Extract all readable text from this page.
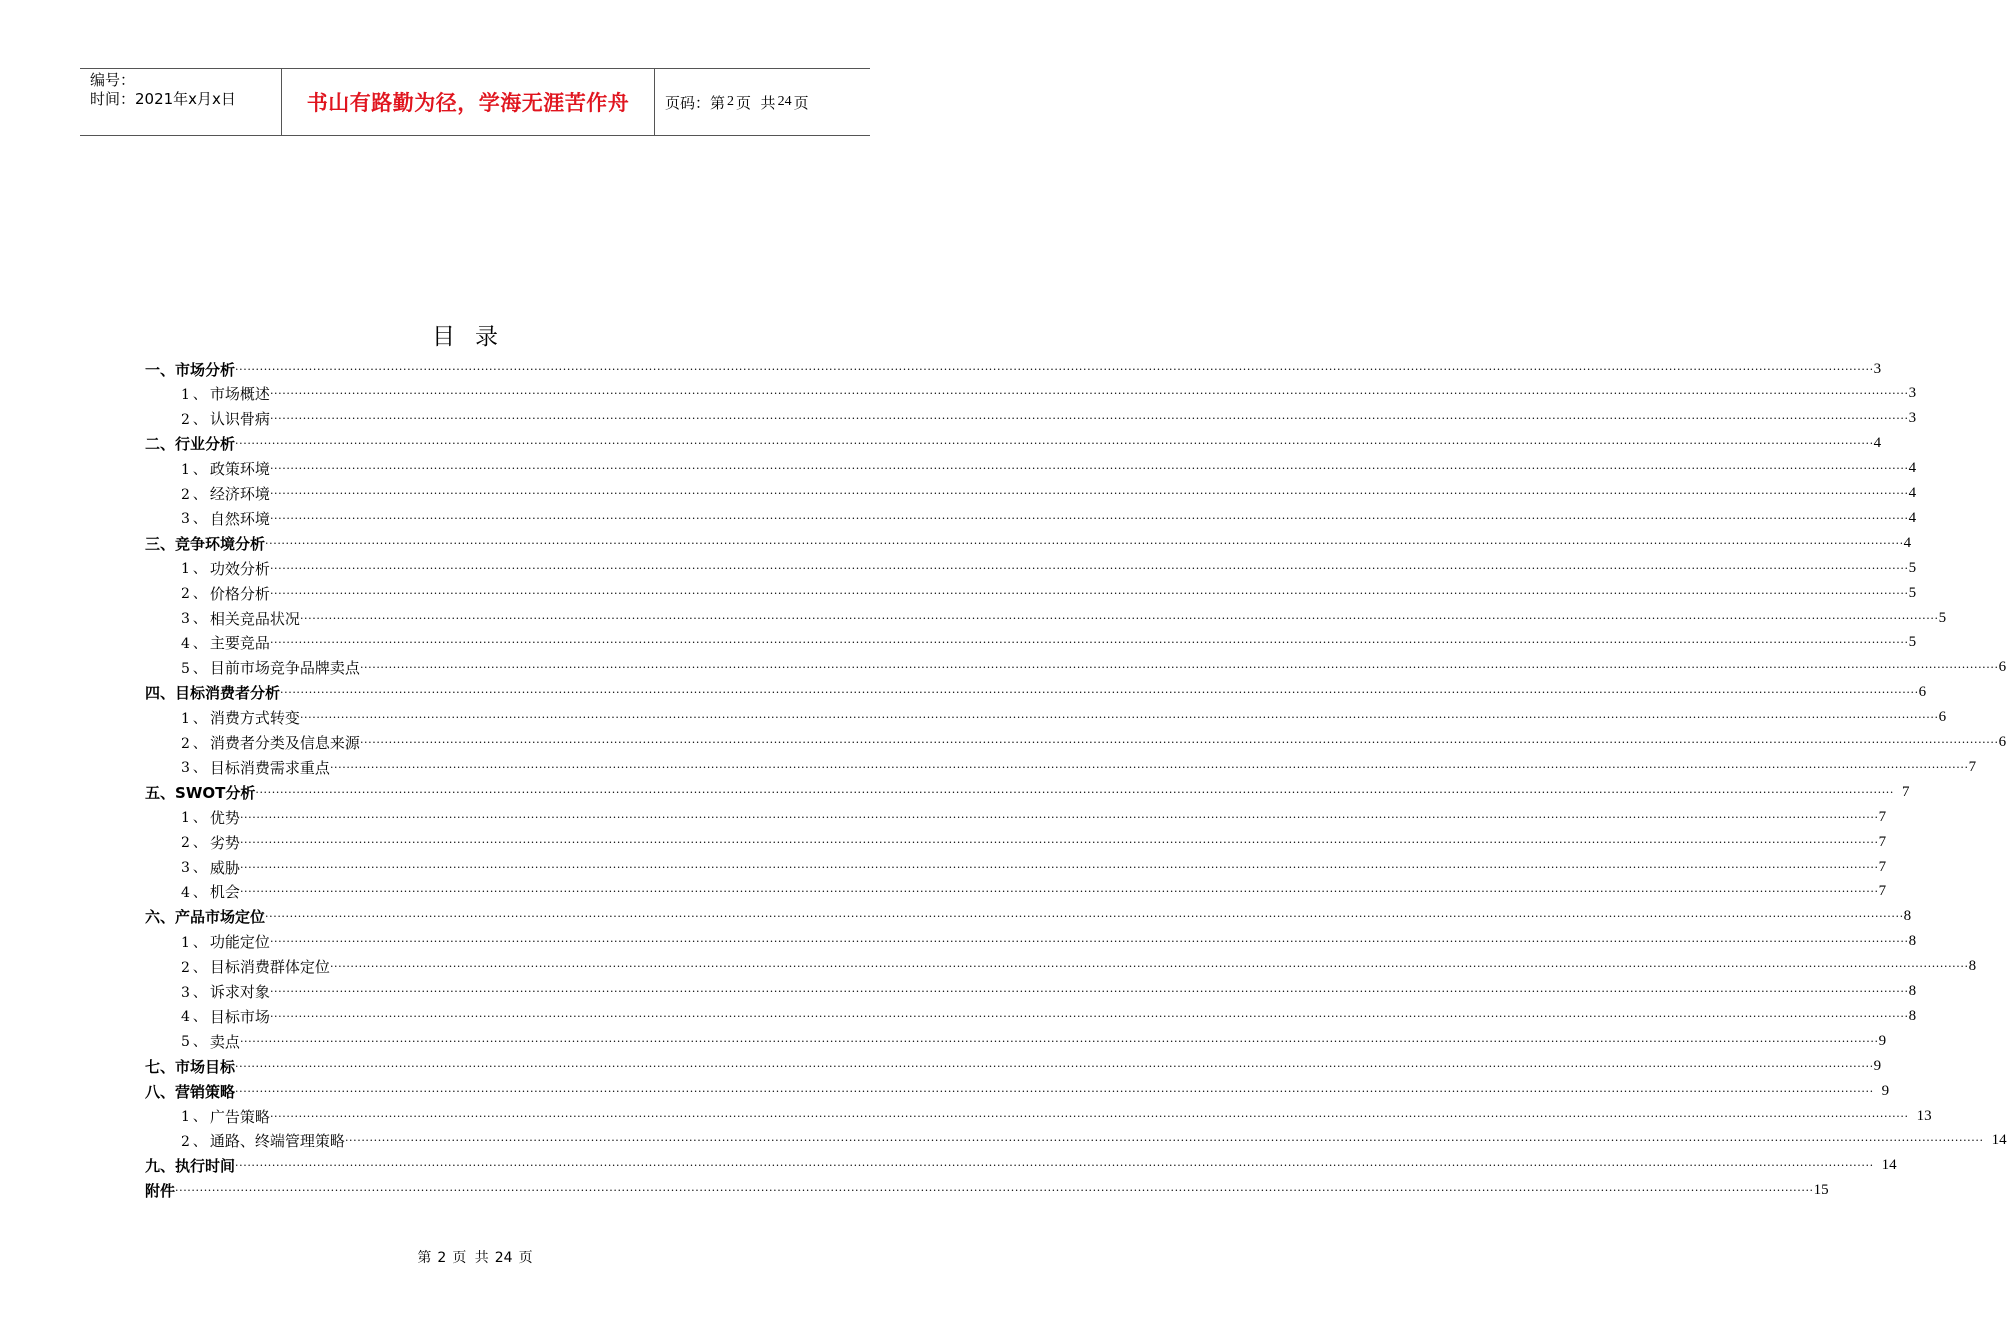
编号：
时间：2021年x月x日	书山有路勤为径，学海无涯苦作舟	页码：第 2 页  共 24 页
目录
一、 市场分析 ················································································································································································································································································································································································································ 3
1、 市场概述 ················································································································································································································································································································································································································ 3
2、 认识骨病 ················································································································································································································································································································································································································ 3
二、 行业分析 ················································································································································································································································································································································································································ 4
1、 政策环境 ················································································································································································································································································································································································································ 4
2、 经济环境 ················································································································································································································································································································································································································ 4
3、 自然环境 ················································································································································································································································································································································································································ 4
三、 竞争环境分析 ················································································································································································································································································································································································································ 4
1、 功效分析 ················································································································································································································································································································································································································ 5
2、 价格分析 ················································································································································································································································································································································································································ 5
3、 相关竞品状况 ················································································································································································································································································································································································································ 5
4、 主要竞品 ················································································································································································································································································································································································································ 5
5、 目前市场竞争品牌卖点 ················································································································································································································································································································································································································ 6
四、 目标消费者分析 ················································································································································································································································································································································································································ 6
1、 消费方式转变 ················································································································································································································································································································································································································ 6
2、 消费者分类及信息来源 ················································································································································································································································································································································································································ 6
3、 目标消费需求重点 ················································································································································································································································································································································································································ 7
五、 SWOT分析 ················································································································································································································································································································································································································ 7
1、 优势 ················································································································································································································································································································································································································ 7
2、 劣势 ················································································································································································································································································································································································································ 7
3、 威胁 ················································································································································································································································································································································································································ 7
4、 机会 ················································································································································································································································································································································································································ 7
六、 产品市场定位 ················································································································································································································································································································································································································ 8
1、 功能定位 ················································································································································································································································································································································································································ 8
2、 目标消费群体定位 ················································································································································································································································································································································································································ 8
3、 诉求对象 ················································································································································································································································································································································································································ 8
4、 目标市场 ················································································································································································································································································································································································································ 8
5、 卖点 ················································································································································································································································································································································································································ 9
七、 市场目标 ················································································································································································································································································································································································································ 9
八、 营销策略 ················································································································································································································································································································································································································ 9
1、 广告策略 ················································································································································································································································································································································································································ 13
2、 通路、终端管理策略 ················································································································································································································································································································································································································ 14
九、 执行时间 ················································································································································································································································································································································································································ 14
附件 ················································································································································································································································································································································································································ 15
第 2 页 共 24 页
